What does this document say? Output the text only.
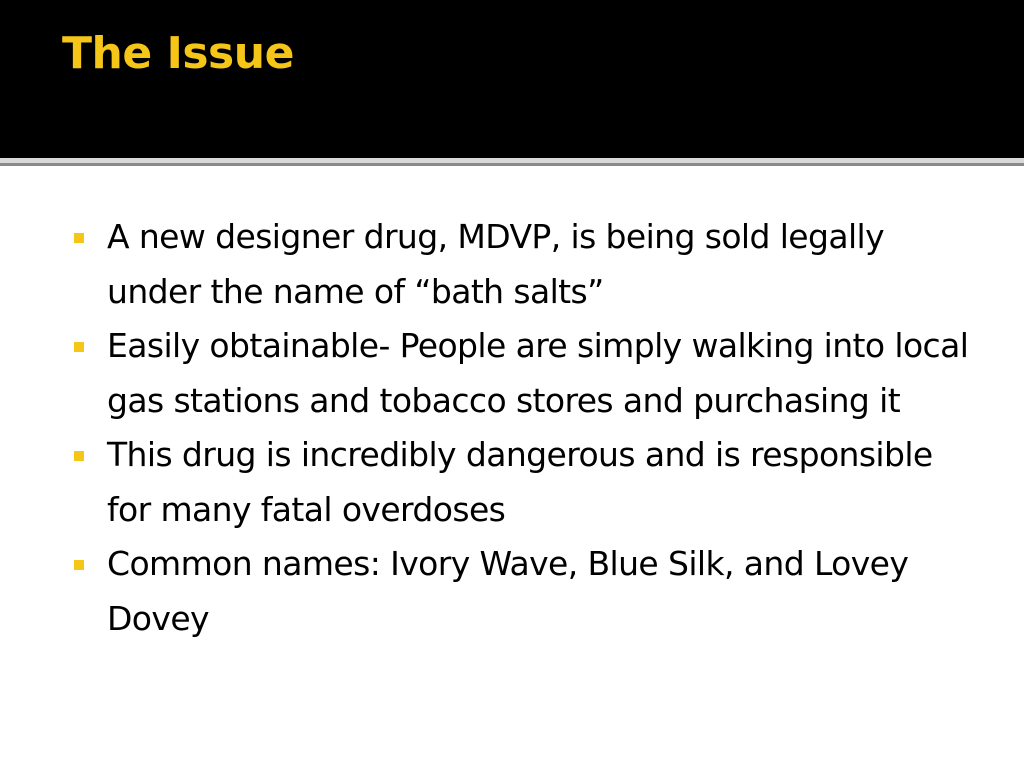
The Issue
A new designer drug, MDVP, is being sold legally under the name of “bath salts”
Easily obtainable- People are simply walking into local gas stations and tobacco stores and purchasing it
This drug is incredibly dangerous and is responsible for many fatal overdoses
Common names: Ivory Wave, Blue Silk, and Lovey Dovey
